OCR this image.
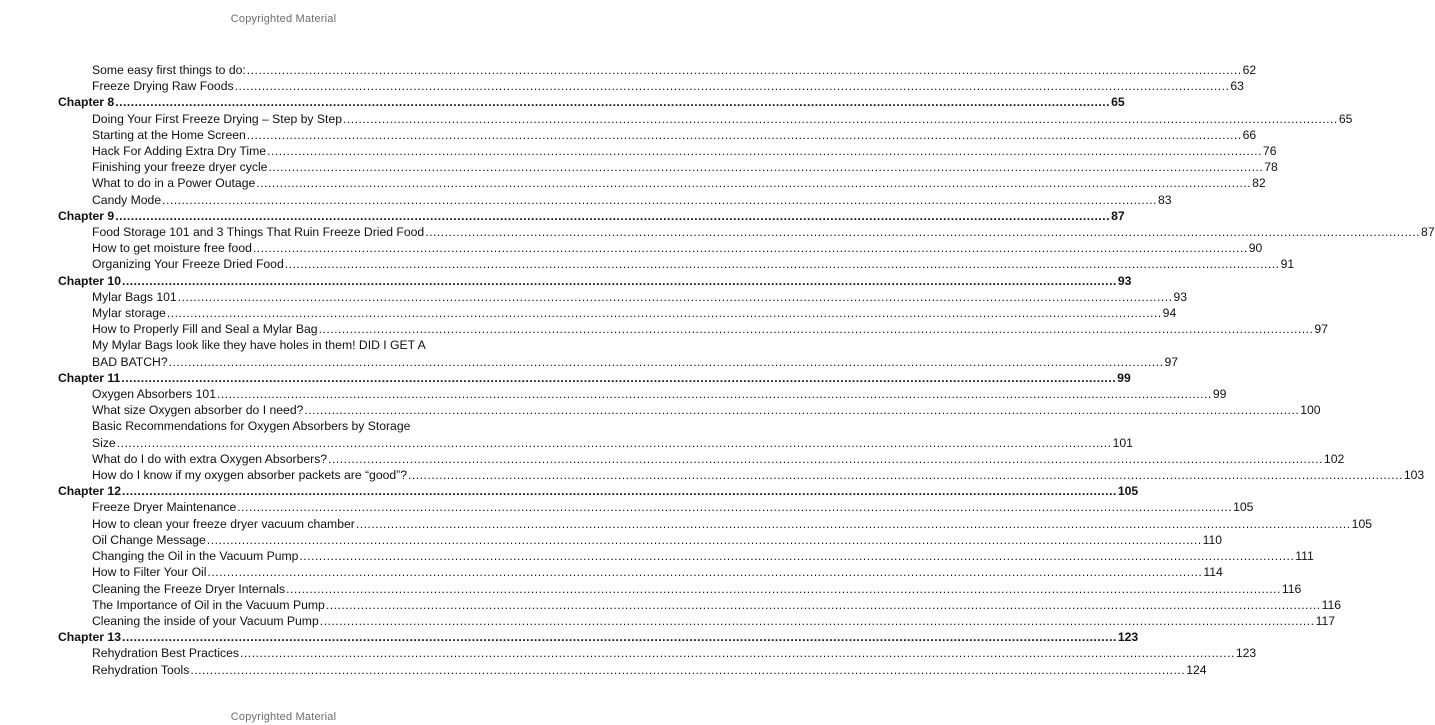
Copyrighted Material
Some easy first things to do: ................................................................................................................................................................................................................................................................ 62
Freeze Drying Raw Foods ................................................................................................................................................................................................................................................................ 63
Chapter 8 ................................................................................................................................................................................................................................................................ 65
Doing Your First Freeze Drying – Step by Step ................................................................................................................................................................................................................................................................ 65
Starting at the Home Screen ................................................................................................................................................................................................................................................................ 66
Hack For Adding Extra Dry Time ................................................................................................................................................................................................................................................................ 76
Finishing your freeze dryer cycle ................................................................................................................................................................................................................................................................ 78
What to do in a Power Outage ................................................................................................................................................................................................................................................................ 82
Candy Mode ................................................................................................................................................................................................................................................................ 83
Chapter 9 ................................................................................................................................................................................................................................................................ 87
Food Storage 101 and 3 Things That Ruin Freeze Dried Food ................................................................................................................................................................................................................................................................ 87
How to get moisture free food ................................................................................................................................................................................................................................................................ 90
Organizing Your Freeze Dried Food ................................................................................................................................................................................................................................................................ 91
Chapter 10 ................................................................................................................................................................................................................................................................ 93
Mylar Bags 101 ................................................................................................................................................................................................................................................................ 93
Mylar storage ................................................................................................................................................................................................................................................................ 94
How to Properly Fill and Seal a Mylar Bag ................................................................................................................................................................................................................................................................ 97
My Mylar Bags look like they have holes in them! DID I GET A
BAD BATCH? ................................................................................................................................................................................................................................................................ 97
Chapter 11 ................................................................................................................................................................................................................................................................ 99
Oxygen Absorbers 101 ................................................................................................................................................................................................................................................................ 99
What size Oxygen absorber do I need? ................................................................................................................................................................................................................................................................ 100
Basic Recommendations for Oxygen Absorbers by Storage
Size ................................................................................................................................................................................................................................................................ 101
What do I do with extra Oxygen Absorbers? ................................................................................................................................................................................................................................................................ 102
How do I know if my oxygen absorber packets are “good”? ................................................................................................................................................................................................................................................................ 103
Chapter 12 ................................................................................................................................................................................................................................................................ 105
Freeze Dryer Maintenance ................................................................................................................................................................................................................................................................ 105
How to clean your freeze dryer vacuum chamber ................................................................................................................................................................................................................................................................ 105
Oil Change Message ................................................................................................................................................................................................................................................................ 110
Changing the Oil in the Vacuum Pump ................................................................................................................................................................................................................................................................ 111
How to Filter Your Oil ................................................................................................................................................................................................................................................................ 114
Cleaning the Freeze Dryer Internals ................................................................................................................................................................................................................................................................ 116
The Importance of Oil in the Vacuum Pump ................................................................................................................................................................................................................................................................ 116
Cleaning the inside of your Vacuum Pump ................................................................................................................................................................................................................................................................ 117
Chapter 13 ................................................................................................................................................................................................................................................................ 123
Rehydration Best Practices ................................................................................................................................................................................................................................................................ 123
Rehydration Tools ................................................................................................................................................................................................................................................................ 124
Copyrighted Material
